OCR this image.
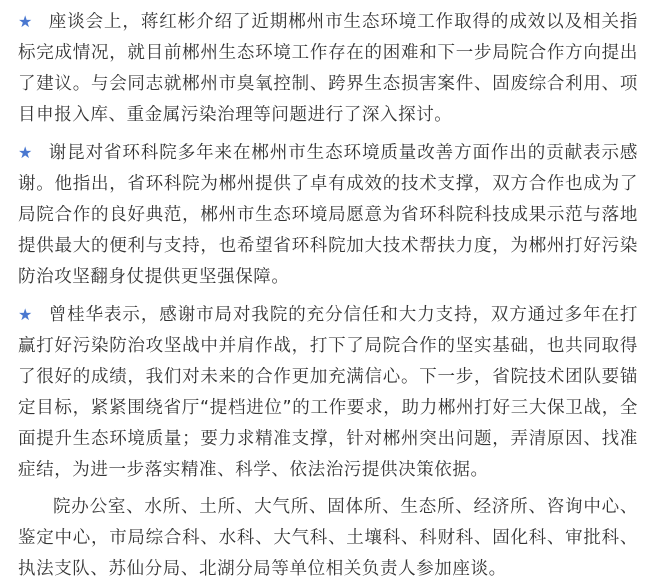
★ 座谈会上，蒋红彬介绍了近期郴州市生态环境工作取得的成效以及相关指标完成情况，就目前郴州生态环境工作存在的困难和下一步局院合作方向提出了建议。与会同志就郴州市臭氧控制、跨界生态损害案件、固废综合利用、项目申报入库、重金属污染治理等问题进行了深入探讨。

★ 谢昆对省环科院多年来在郴州市生态环境质量改善方面作出的贡献表示感谢。他指出，省环科院为郴州提供了卓有成效的技术支撑，双方合作也成为了局院合作的良好典范，郴州市生态环境局愿意为省环科院科技成果示范与落地提供最大的便利与支持，也希望省环科院加大技术帮扶力度，为郴州打好污染防治攻坚翻身仗提供更坚强保障。

★ 曾桂华表示，感谢市局对我院的充分信任和大力支持，双方通过多年在打赢打好污染防治攻坚战中并肩作战，打下了局院合作的坚实基础，也共同取得了很好的成绩，我们对未来的合作更加充满信心。下一步，省院技术团队要锚定目标，紧紧围绕省厅“提档进位”的工作要求，助力郴州打好三大保卫战，全面提升生态环境质量；要力求精准支撑，针对郴州突出问题，弄清原因、找准症结，为进一步落实精准、科学、依法治污提供决策依据。

院办公室、水所、土所、大气所、固体所、生态所、经济所、咨询中心、鉴定中心，市局综合科、水科、大气科、土壤科、科财科、固化科、审批科、执法支队、苏仙分局、北湖分局等单位相关负责人参加座谈。
